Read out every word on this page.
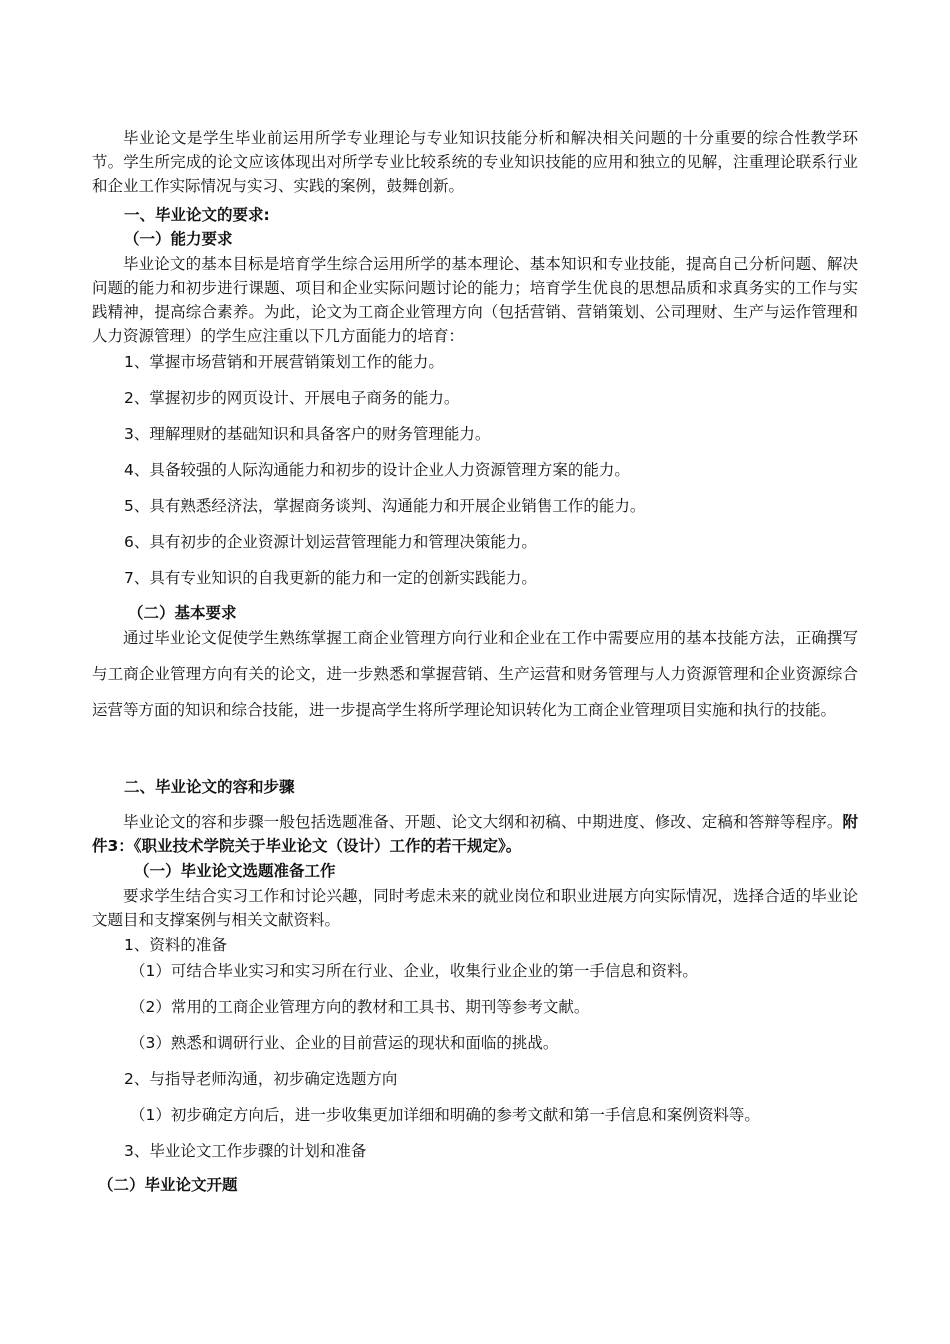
毕业论文是学生毕业前运用所学专业理论与专业知识技能分析和解决相关问题的十分重要的综合性教学环节。学生所完成的论文应该体现出对所学专业比较系统的专业知识技能的应用和独立的见解，注重理论联系行业和企业工作实际情况与实习、实践的案例，鼓舞创新。

一、毕业论文的要求:
（一）能力要求

毕业论文的基本目标是培育学生综合运用所学的基本理论、基本知识和专业技能，提高自己分析问题、解决问题的能力和初步进行课题、项目和企业实际问题讨论的能力；培育学生优良的思想品质和求真务实的工作与实践精神，提高综合素养。为此，论文为工商企业管理方向（包括营销、营销策划、公司理财、生产与运作管理和人力资源管理）的学生应注重以下几方面能力的培育：

1、掌握市场营销和开展营销策划工作的能力。
2、掌握初步的网页设计、开展电子商务的能力。
3、理解理财的基础知识和具备客户的财务管理能力。
4、具备较强的人际沟通能力和初步的设计企业人力资源管理方案的能力。
5、具有熟悉经济法，掌握商务谈判、沟通能力和开展企业销售工作的能力。
6、具有初步的企业资源计划运营管理能力和管理决策能力。
7、具有专业知识的自我更新的能力和一定的创新实践能力。
（二）基本要求

通过毕业论文促使学生熟练掌握工商企业管理方向行业和企业在工作中需要应用的基本技能方法，正确撰写与工商企业管理方向有关的论文，进一步熟悉和掌握营销、生产运营和财务管理与人力资源管理和企业资源综合运营等方面的知识和综合技能，进一步提高学生将所学理论知识转化为工商企业管理项目实施和执行的技能。

二、毕业论文的容和步骤

毕业论文的容和步骤一般包括选题准备、开题、论文大纲和初稿、中期进度、修改、定稿和答辩等程序。附件3：《职业技术学院关于毕业论文（设计）工作的若干规定》。

（一）毕业论文选题准备工作

要求学生结合实习工作和讨论兴趣，同时考虑未来的就业岗位和职业进展方向实际情况，选择合适的毕业论文题目和支撑案例与相关文献资料。

1、资料的准备
（1）可结合毕业实习和实习所在行业、企业，收集行业企业的第一手信息和资料。
（2）常用的工商企业管理方向的教材和工具书、期刊等参考文献。
（3）熟悉和调研行业、企业的目前营运的现状和面临的挑战。
2、与指导老师沟通，初步确定选题方向
（1）初步确定方向后，进一步收集更加详细和明确的参考文献和第一手信息和案例资料等。
3、毕业论文工作步骤的计划和准备
（二）毕业论文开题
